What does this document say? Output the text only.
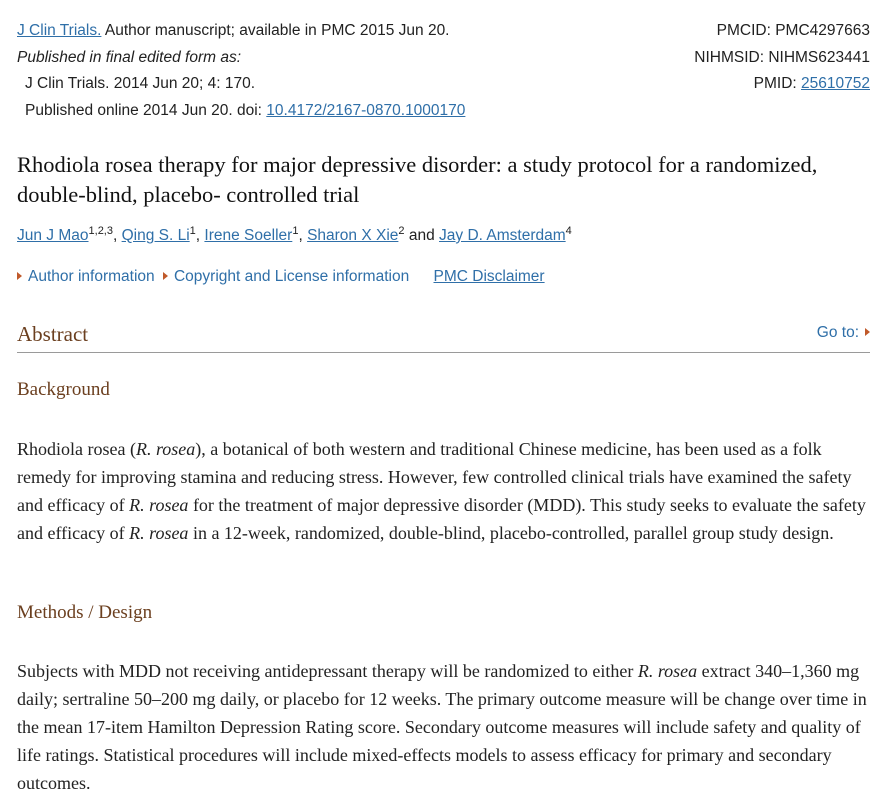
J Clin Trials. Author manuscript; available in PMC 2015 Jun 20.
Published in final edited form as:
J Clin Trials. 2014 Jun 20; 4: 170.
Published online 2014 Jun 20. doi: 10.4172/2167-0870.1000170
PMCID: PMC4297663
NIHMSID: NIHMS623441
PMID: 25610752
Rhodiola rosea therapy for major depressive disorder: a study protocol for a randomized, double-blind, placebo- controlled trial
Jun J Mao$^{1,2,3}$, Qing S. Li$^1$, Irene Soeller$^1$, Sharon X Xie$^2$ and Jay D. Amsterdam$^4$
Author information Copyright and License information PMC Disclaimer
Abstract	Go to:
Background
Rhodiola rosea (R. rosea), a botanical of both western and traditional Chinese medicine, has been used as a folk remedy for improving stamina and reducing stress. However, few controlled clinical trials have examined the safety and efficacy of R. rosea for the treatment of major depressive disorder (MDD). This study seeks to evaluate the safety and efficacy of R. rosea in a 12-week, randomized, double-blind, placebo-controlled, parallel group study design.
Methods / Design
Subjects with MDD not receiving antidepressant therapy will be randomized to either R. rosea extract 340–1,360 mg daily; sertraline 50–200 mg daily, or placebo for 12 weeks. The primary outcome measure will be change over time in the mean 17-item Hamilton Depression Rating score. Secondary outcome measures will include safety and quality of life ratings. Statistical procedures will include mixed-effects models to assess efficacy for primary and secondary outcomes.
